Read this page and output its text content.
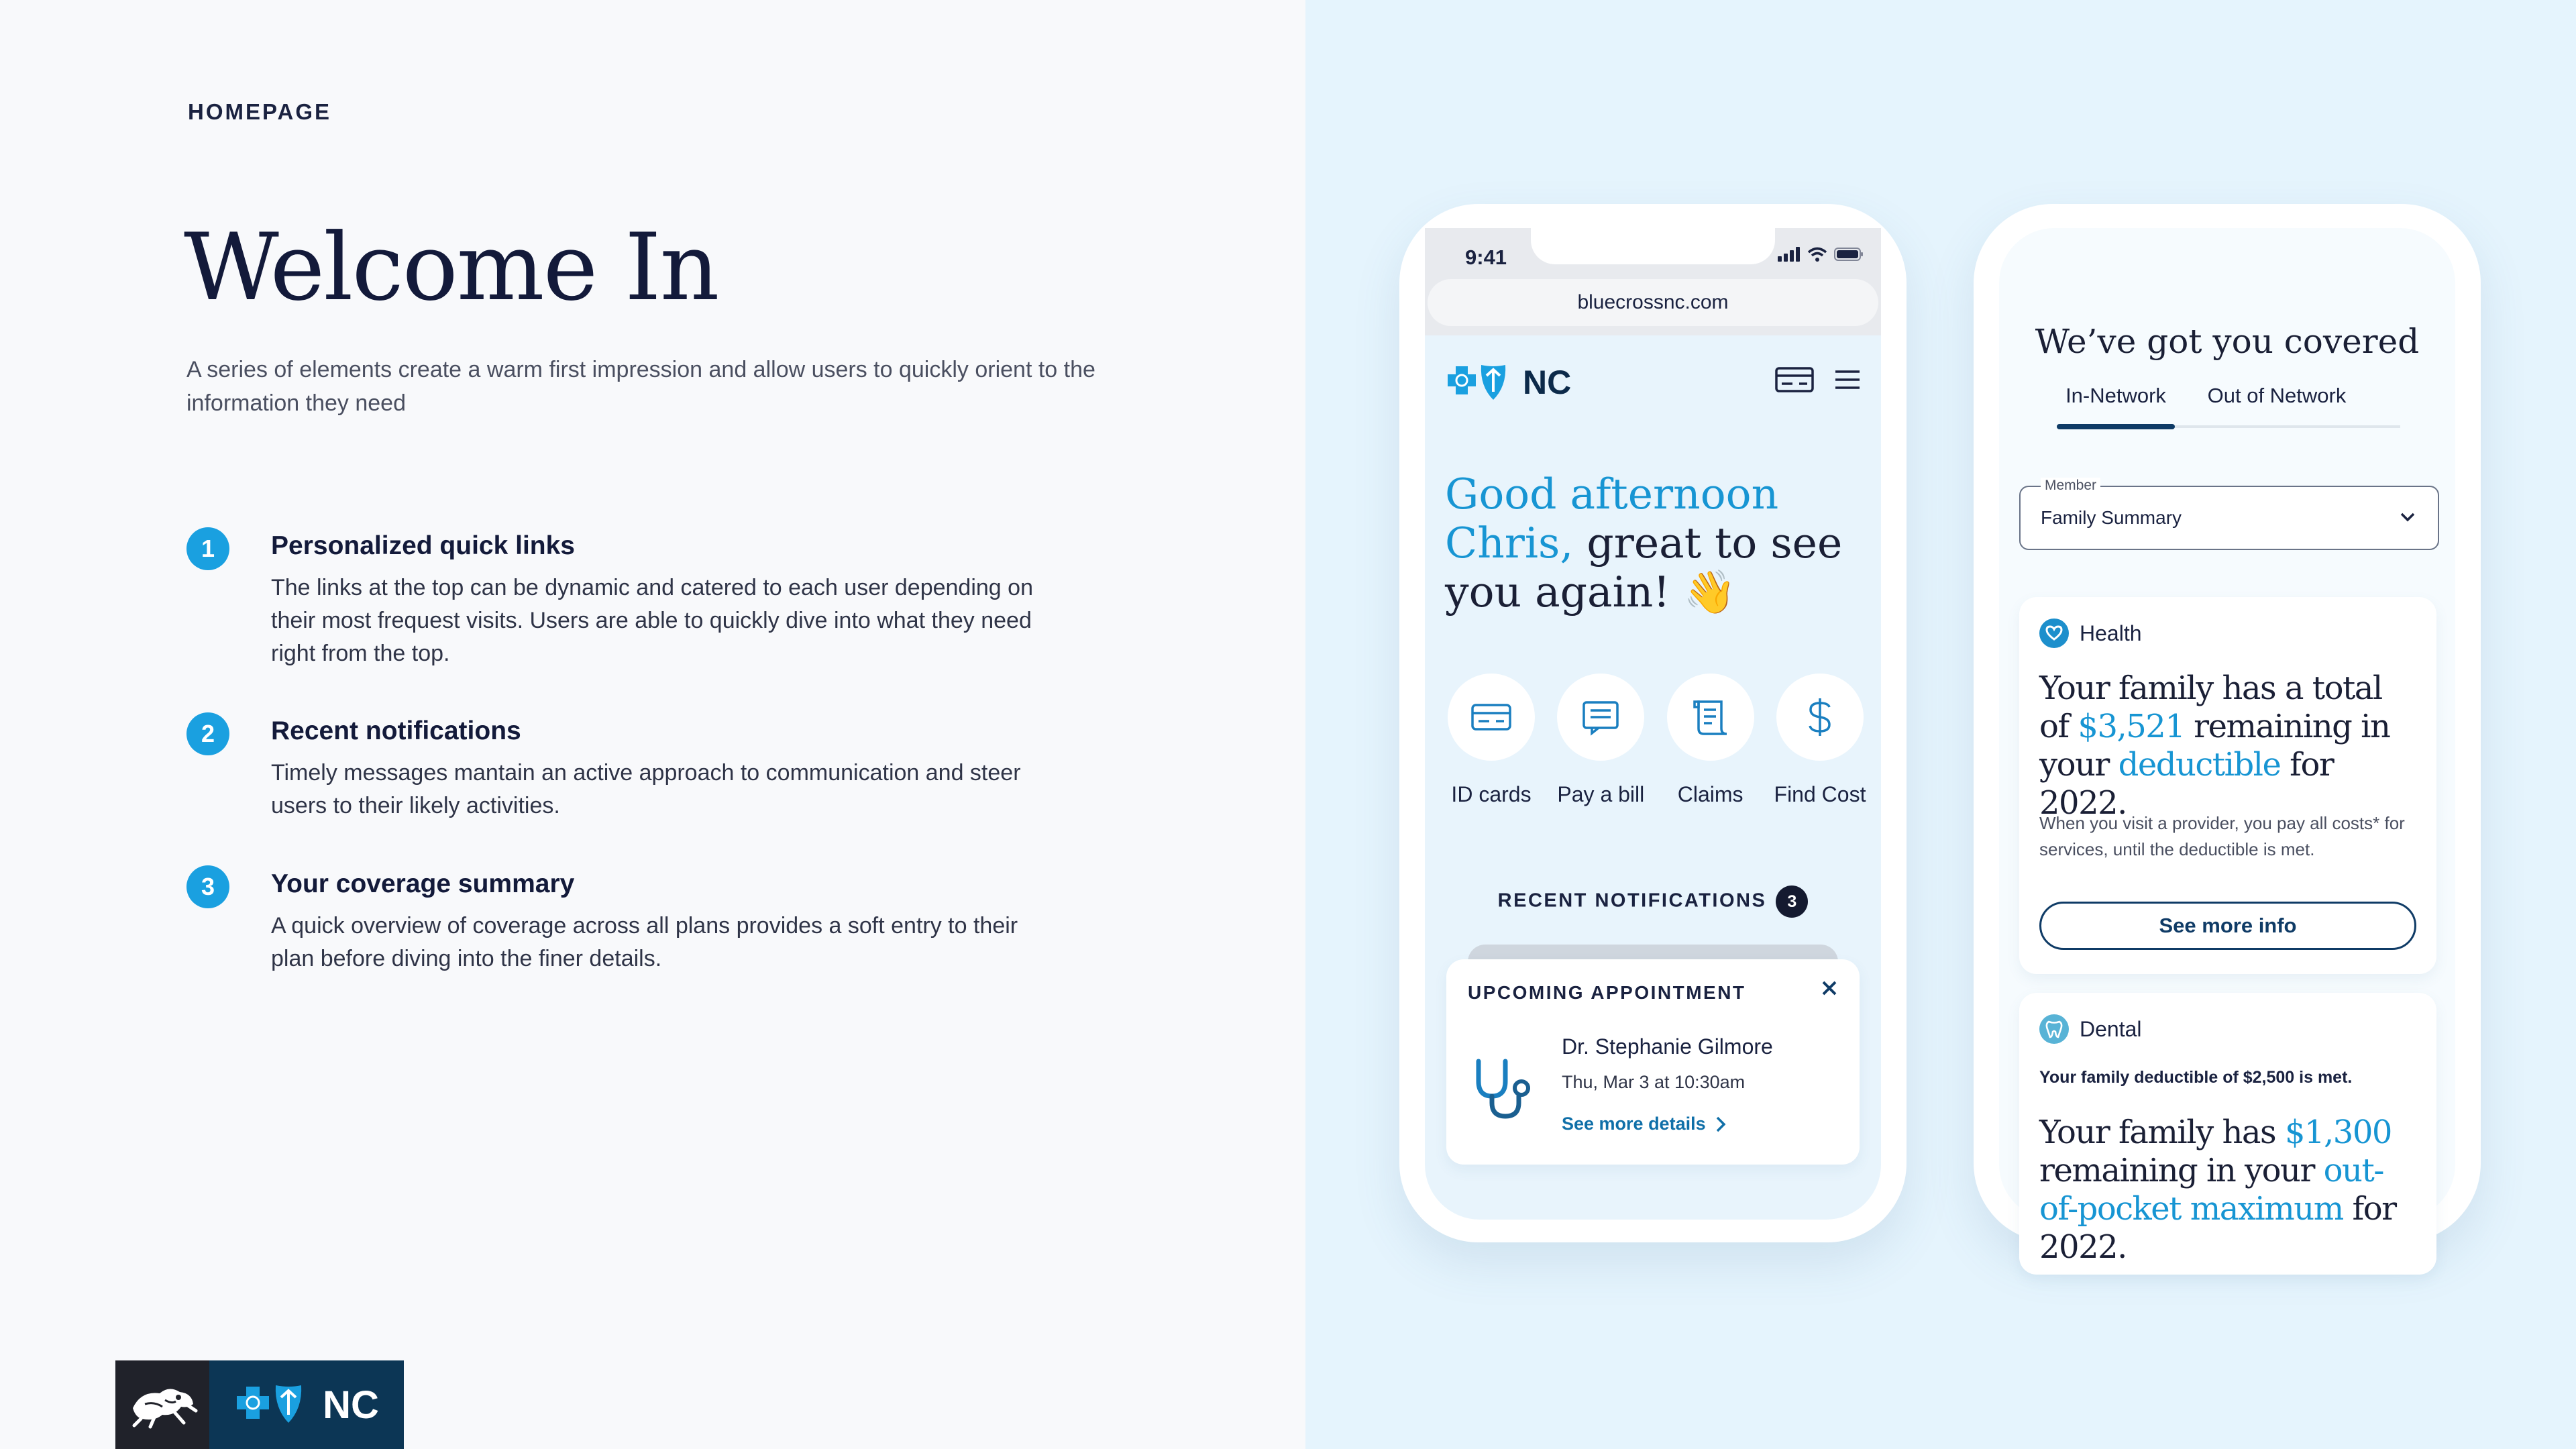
HOMEPAGE
Welcome In
A series of elements create a warm first impression and allow users to quickly orient to the information they need
1	Personalized quick links
The links at the top can be dynamic and catered to each user depending on their most frequest visits. Users are able to quickly dive into what they need right from the top.
2	Recent notifications
Timely messages mantain an active approach to communication and steer users to their likely activities.
3	Your coverage summary
A quick overview of coverage across all plans provides a soft entry to their plan before diving into the finer details.
NC
9:41
bluecrossnc.com
NC
Good afternoon
Chris, great to see you again! 👋
ID cards	Pay a bill	Claims	Find Cost
RECENT NOTIFICATIONS 3
UPCOMING APPOINTMENT
Dr. Stephanie Gilmore
Thu, Mar 3 at 10:30am
See more details
We’ve got you covered
In-Network	Out of Network
Member
Family Summary
Health
Your family has a total of $3,521 remaining in your deductible for 2022.
When you visit a provider, you pay all costs* for services, until the deductible is met.
See more info
Dental
Your family deductible of $2,500 is met.
Your family has $1,300 remaining in your out-of-pocket maximum for 2022.
